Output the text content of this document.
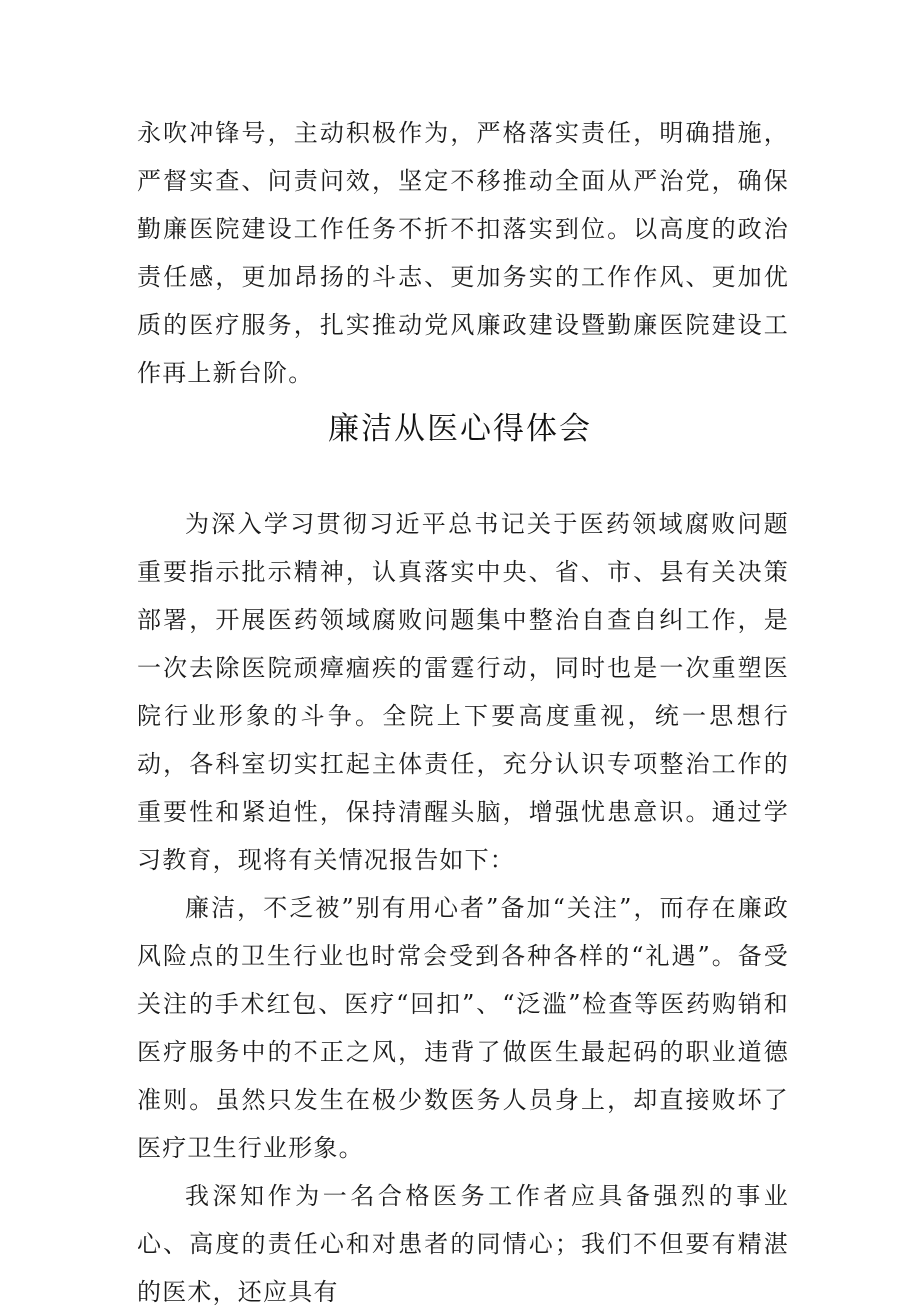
永吹冲锋号，主动积极作为，严格落实责任，明确措施，严督实查、问责问效，坚定不移推动全面从严治党，确保勤廉医院建设工作任务不折不扣落实到位。以高度的政治责任感，更加昂扬的斗志、更加务实的工作作风、更加优质的医疗服务，扎实推动党风廉政建设暨勤廉医院建设工作再上新台阶。

廉洁从医心得体会

为深入学习贯彻习近平总书记关于医药领域腐败问题重要指示批示精神，认真落实中央、省、市、县有关决策部署，开展医药领域腐败问题集中整治自查自纠工作，是一次去除医院顽瘴痼疾的雷霆行动，同时也是一次重塑医院行业形象的斗争。全院上下要高度重视，统一思想行动，各科室切实扛起主体责任，充分认识专项整治工作的重要性和紧迫性，保持清醒头脑，增强忧患意识。通过学习教育，现将有关情况报告如下：

廉洁，不乏被”别有用心者”备加“关注”，而存在廉政风险点的卫生行业也时常会受到各种各样的“礼遇”。备受关注的手术红包、医疗“回扣”、“泛滥”检查等医药购销和医疗服务中的不正之风，违背了做医生最起码的职业道德准则。虽然只发生在极少数医务人员身上，却直接败坏了医疗卫生行业形象。

我深知作为一名合格医务工作者应具备强烈的事业心、高度的责任心和对患者的同情心；我们不但要有精湛的医术，还应具有
